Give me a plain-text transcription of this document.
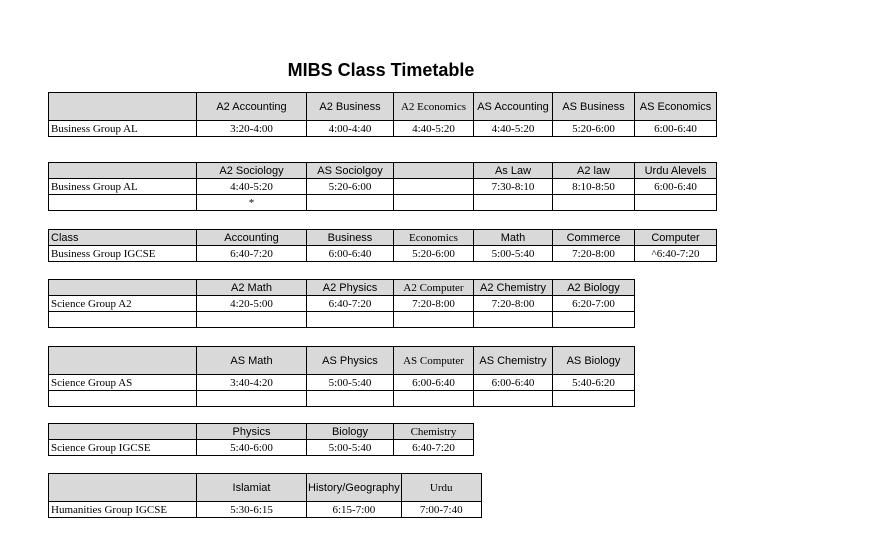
MIBS Class Timetable
	A2 Accounting	A2 Business	A2 Economics	AS Accounting	AS Business	AS Economics
Business Group AL	3:20-4:00	4:00-4:40	4:40-5:20	4:40-5:20	5:20-6:00	6:00-6:40
	A2 Sociology	AS Sociolgoy		As Law	A2 law	Urdu Alevels
Business Group AL	4:40-5:20	5:20-6:00		7:30-8:10	8:10-8:50	6:00-6:40
	*					
Class	Accounting	Business	Economics	Math	Commerce	Computer
Business Group IGCSE	6:40-7:20	6:00-6:40	5:20-6:00	5:00-5:40	7:20-8:00	^6:40-7:20
	A2 Math	A2 Physics	A2 Computer	A2 Chemistry	A2 Biology
Science Group A2	4:20-5:00	6:40-7:20	7:20-8:00	7:20-8:00	6:20-7:00

	AS Math	AS Physics	AS Computer	AS Chemistry	AS Biology
Science Group AS	3:40-4:20	5:00-5:40	6:00-6:40	6:00-6:40	5:40-6:20

	Physics	Biology	Chemistry
Science Group IGCSE	5:40-6:00	5:00-5:40	6:40-7:20
	Islamiat	History/Geography	Urdu
Humanities Group IGCSE	5:30-6:15	6:15-7:00	7:00-7:40
